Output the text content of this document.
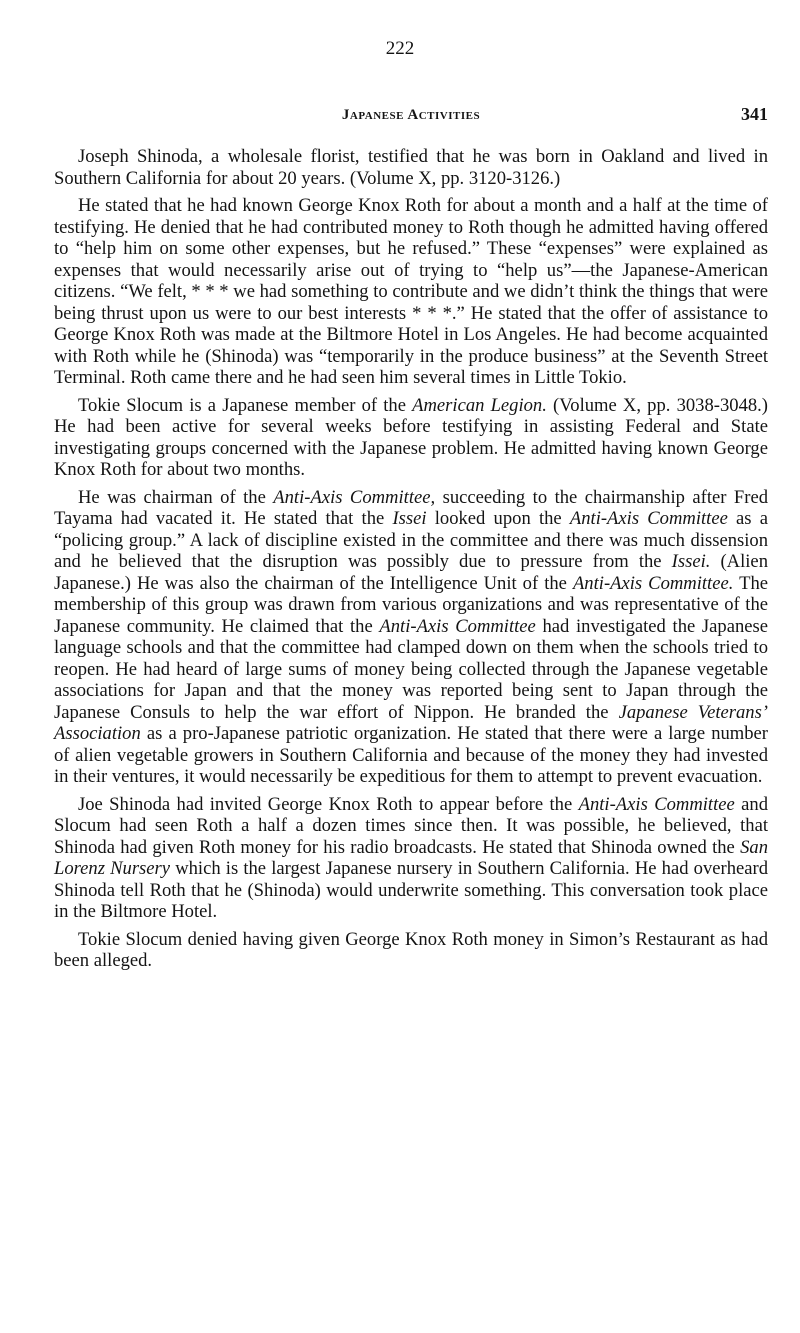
222
Japanese Activities	341

Joseph Shinoda, a wholesale florist, testified that he was born in Oakland and lived in Southern California for about 20 years. (Volume X, pp. 3120-3126.)

He stated that he had known George Knox Roth for about a month and a half at the time of testifying. He denied that he had contributed money to Roth though he admitted having offered to “help him on some other expenses, but he refused.” These “expenses” were explained as expenses that would necessarily arise out of trying to “help us”—the Japanese-American citizens. “We felt, * * * we had something to contribute and we didn’t think the things that were being thrust upon us were to our best interests * * *.” He stated that the offer of assistance to George Knox Roth was made at the Biltmore Hotel in Los Angeles. He had become acquainted with Roth while he (Shinoda) was “temporarily in the produce business” at the Seventh Street Terminal. Roth came there and he had seen him several times in Little Tokio.

Tokie Slocum is a Japanese member of the American Legion. (Volume X, pp. 3038-3048.) He had been active for several weeks before testifying in assisting Federal and State investigating groups concerned with the Japanese problem. He admitted having known George Knox Roth for about two months.

He was chairman of the Anti-Axis Committee, succeeding to the chairmanship after Fred Tayama had vacated it. He stated that the Issei looked upon the Anti-Axis Committee as a “policing group.” A lack of discipline existed in the committee and there was much dissension and he believed that the disruption was possibly due to pressure from the Issei. (Alien Japanese.) He was also the chairman of the Intelligence Unit of the Anti-Axis Committee. The membership of this group was drawn from various organizations and was representative of the Japanese community. He claimed that the Anti-Axis Committee had investigated the Japanese language schools and that the committee had clamped down on them when the schools tried to reopen. He had heard of large sums of money being collected through the Japanese vegetable associations for Japan and that the money was reported being sent to Japan through the Japanese Consuls to help the war effort of Nippon. He branded the Japanese Veterans’ Association as a pro-Japanese patriotic organization. He stated that there were a large number of alien vegetable growers in Southern California and because of the money they had invested in their ventures, it would necessarily be expeditious for them to attempt to prevent evacuation.

Joe Shinoda had invited George Knox Roth to appear before the Anti-Axis Committee and Slocum had seen Roth a half a dozen times since then. It was possible, he believed, that Shinoda had given Roth money for his radio broadcasts. He stated that Shinoda owned the San Lorenz Nursery which is the largest Japanese nursery in Southern California. He had overheard Shinoda tell Roth that he (Shinoda) would underwrite something. This conversation took place in the Biltmore Hotel.

Tokie Slocum denied having given George Knox Roth money in Simon’s Restaurant as had been alleged.
